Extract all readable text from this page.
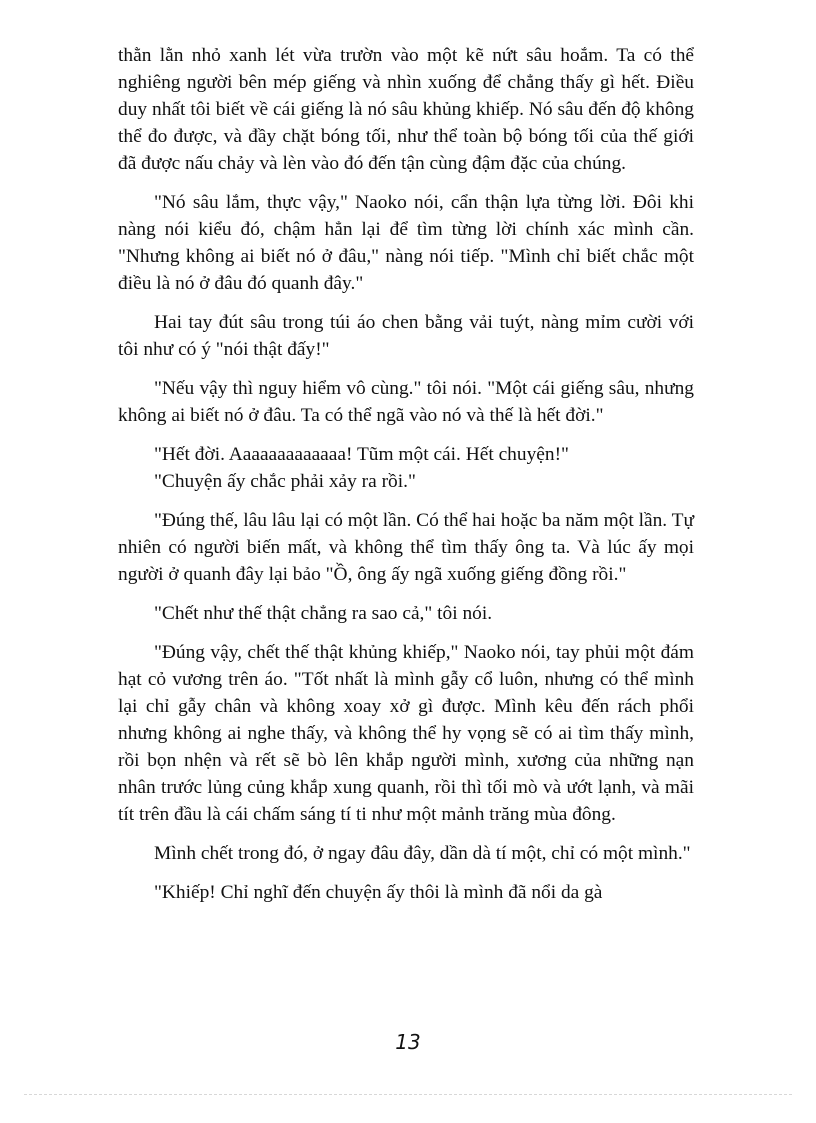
thằn lằn nhỏ xanh lét vừa trườn vào một kẽ nứt sâu hoắm. Ta có thể nghiêng người bên mép giếng và nhìn xuống để chẳng thấy gì hết. Điều duy nhất tôi biết về cái giếng là nó sâu khủng khiếp. Nó sâu đến độ không thể đo được, và đầy chặt bóng tối, như thể toàn bộ bóng tối của thế giới đã được nấu chảy và lèn vào đó đến tận cùng đậm đặc của chúng.

"Nó sâu lắm, thực vậy," Naoko nói, cẩn thận lựa từng lời. Đôi khi nàng nói kiểu đó, chậm hẳn lại để tìm từng lời chính xác mình cần. "Nhưng không ai biết nó ở đâu," nàng nói tiếp. "Mình chỉ biết chắc một điều là nó ở đâu đó quanh đây."

Hai tay đút sâu trong túi áo chen bằng vải tuýt, nàng mỉm cười với tôi như có ý "nói thật đấy!"

"Nếu vậy thì nguy hiểm vô cùng." tôi nói. "Một cái giếng sâu, nhưng không ai biết nó ở đâu. Ta có thể ngã vào nó và thế là hết đời."

"Hết đời. Aaaaaaaaaaaaa! Tũm một cái. Hết chuyện!"

"Chuyện ấy chắc phải xảy ra rồi."

"Đúng thế, lâu lâu lại có một lần. Có thể hai hoặc ba năm một lần. Tự nhiên có người biến mất, và không thể tìm thấy ông ta. Và lúc ấy mọi người ở quanh đây lại bảo "Ồ, ông ấy ngã xuống giếng đồng rồi."

"Chết như thế thật chẳng ra sao cả," tôi nói.

"Đúng vậy, chết thế thật khủng khiếp," Naoko nói, tay phủi một đám hạt cỏ vương trên áo. "Tốt nhất là mình gẫy cổ luôn, nhưng có thể mình lại chỉ gẫy chân và không xoay xở gì được. Mình kêu đến rách phổi nhưng không ai nghe thấy, và không thể hy vọng sẽ có ai tìm thấy mình, rồi bọn nhện và rết sẽ bò lên khắp người mình, xương của những nạn nhân trước lủng củng khắp xung quanh, rồi thì tối mò và ướt lạnh, và mãi tít trên đầu là cái chấm sáng tí ti như một mảnh trăng mùa đông.

Mình chết trong đó, ở ngay đâu đây, dần dà tí một, chỉ có một mình."

"Khiếp! Chỉ nghĩ đến chuyện ấy thôi là mình đã nổi da gà

13
